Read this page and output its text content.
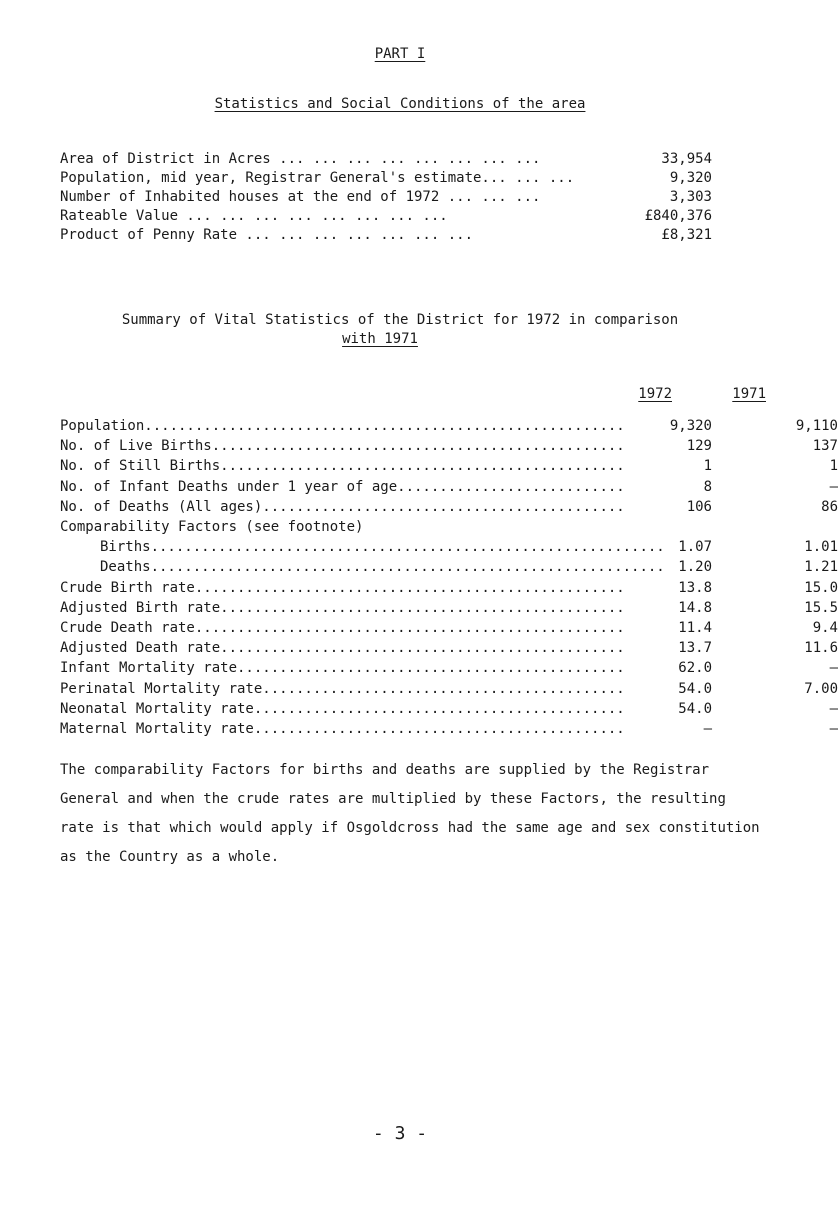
PART I
Statistics and Social Conditions of the area
Area of District in Acres ... ... ... ... ... ... ... ...	33,954
Population, mid year, Registrar General's estimate... ... ...	9,320
Number of Inhabited houses at the end of 1972 ... ... ...	3,303
Rateable Value ... ... ... ... ... ... ... ...	£840,376
Product of Penny Rate ... ... ... ... ... ... ...	£8,321
Summary of Vital Statistics of the District for 1972 in comparison
with 1971
1972	1971
Population.........................................................	9,320	9,110
No. of Live Births.................................................	129	137
No. of Still Births................................................	1	1
No. of Infant Deaths under 1 year of age...........................	8	–
No. of Deaths (All ages)...........................................	106	86
Comparability Factors (see footnote)
Births............................................................. 1.07	1.01
Deaths............................................................. 1.20	1.21
Crude Birth rate...................................................	13.8	15.0
Adjusted Birth rate................................................	14.8	15.5
Crude Death rate...................................................	11.4	9.4
Adjusted Death rate................................................	13.7	11.6
Infant Mortality rate..............................................	62.0	–
Perinatal Mortality rate...........................................	54.0	7.00
Neonatal Mortality rate............................................	54.0	–
Maternal Mortality rate............................................	–	–
The comparability Factors for births and deaths are supplied by the Registrar General and when the crude rates are multiplied by these Factors, the resulting rate is that which would apply if Osgoldcross had the same age and sex constitution as the Country as a whole.
- 3 -
